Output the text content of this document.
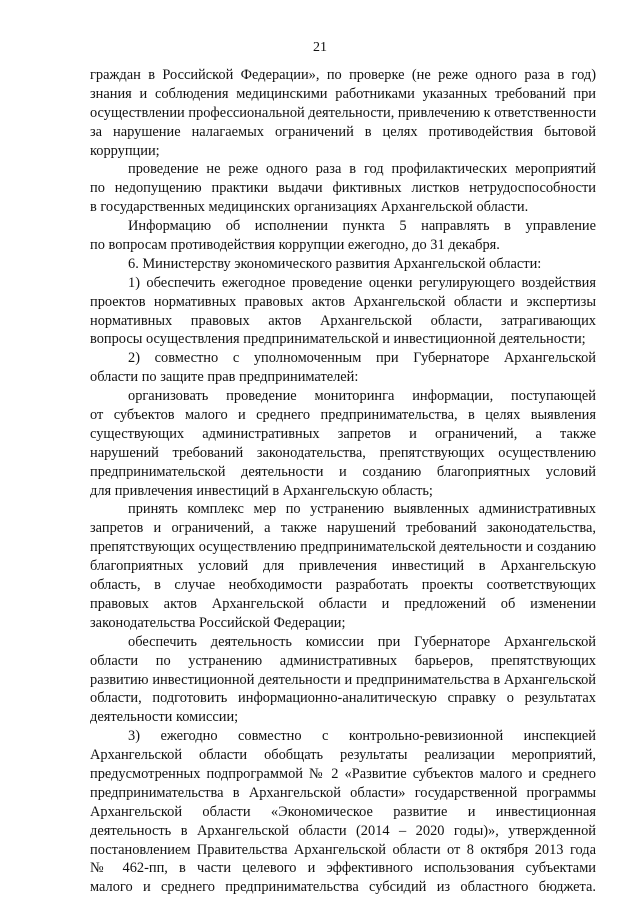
21
граждан в Российской Федерации», по проверке (не реже одного раза в год)
знания и соблюдения медицинскими работниками указанных требований при
осуществлении профессиональной деятельности, привлечению к ответственности
за нарушение налагаемых ограничений в целях противодействия бытовой
коррупции;
проведение не реже одного раза в год профилактических мероприятий
по недопущению практики выдачи фиктивных листков нетрудоспособности
в государственных медицинских организациях Архангельской области.
Информацию об исполнении пункта 5 направлять в управление
по вопросам противодействия коррупции ежегодно, до 31 декабря.
6. Министерству экономического развития Архангельской области:
1) обеспечить ежегодное проведение оценки регулирующего воздействия
проектов нормативных правовых актов Архангельской области и экспертизы
нормативных правовых актов Архангельской области, затрагивающих
вопросы осуществления предпринимательской и инвестиционной деятельности;
2) совместно с уполномоченным при Губернаторе Архангельской
области по защите прав предпринимателей:
организовать проведение мониторинга информации, поступающей
от субъектов малого и среднего предпринимательства, в целях выявления
существующих административных запретов и ограничений, а также
нарушений требований законодательства, препятствующих осуществлению
предпринимательской деятельности и созданию благоприятных условий
для привлечения инвестиций в Архангельскую область;
принять комплекс мер по устранению выявленных административных
запретов и ограничений, а также нарушений требований законодательства,
препятствующих осуществлению предпринимательской деятельности и созданию
благоприятных условий для привлечения инвестиций в Архангельскую
область, в случае необходимости разработать проекты соответствующих
правовых актов Архангельской области и предложений об изменении
законодательства Российской Федерации;
обеспечить деятельность комиссии при Губернаторе Архангельской
области по устранению административных барьеров, препятствующих
развитию инвестиционной деятельности и предпринимательства в Архангельской
области, подготовить информационно-аналитическую справку о результатах
деятельности комиссии;
3) ежегодно совместно с контрольно-ревизионной инспекцией
Архангельской области обобщать результаты реализации мероприятий,
предусмотренных подпрограммой № 2 «Развитие субъектов малого и среднего
предпринимательства в Архангельской области» государственной программы
Архангельской области «Экономическое развитие и инвестиционная
деятельность в Архангельской области (2014 – 2020 годы)», утвержденной
постановлением Правительства Архангельской области от 8 октября 2013 года
№ 462-пп, в части целевого и эффективного использования субъектами
малого и среднего предпринимательства субсидий из областного бюджета.
